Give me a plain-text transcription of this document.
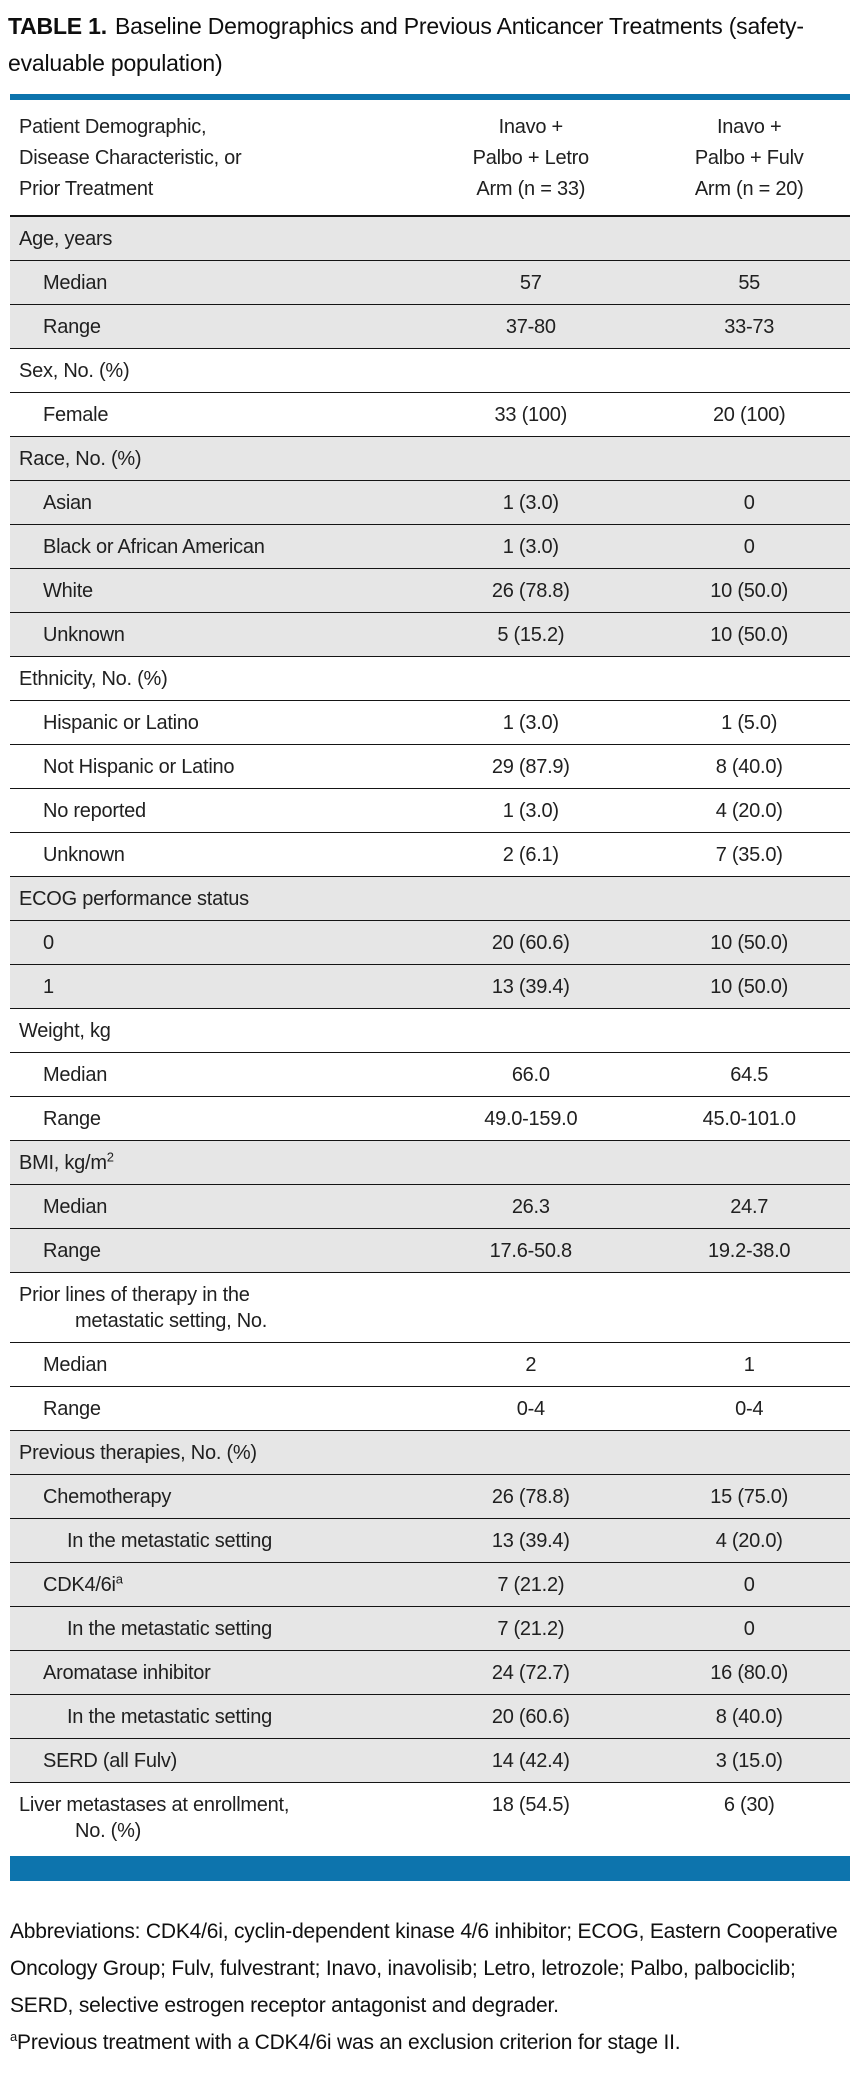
TABLE 1. Baseline Demographics and Previous Anticancer Treatments (safety-evaluable population)

Patient Demographic,
Disease Characteristic, or
Prior Treatment

Inavo +
Palbo + Letro
Arm (n = 33)

Inavo +
Palbo + Fulv
Arm (n = 20)

Age, years		
Median	57	55
Range	37-80	33-73
Sex, No. (%)		
Female	33 (100)	20 (100)
Race, No. (%)		
Asian	1 (3.0)	0
Black or African American	1 (3.0)	0
White	26 (78.8)	10 (50.0)
Unknown	5 (15.2)	10 (50.0)
Ethnicity, No. (%)		
Hispanic or Latino	1 (3.0)	1 (5.0)
Not Hispanic or Latino	29 (87.9)	8 (40.0)
No reported	1 (3.0)	4 (20.0)
Unknown	2 (6.1)	7 (35.0)
ECOG performance status		
0	20 (60.6)	10 (50.0)
1	13 (39.4)	10 (50.0)
Weight, kg		
Median	66.0	64.5
Range	49.0-159.0	45.0-101.0
BMI, $kg/m^2$		
Median	26.3	24.7
Range	17.6-50.8	19.2-38.0
Prior lines of therapy in the
metastatic setting, No.		

Median	2	1
Range	0-4	0-4
Previous therapies, No. (%)		
Chemotherapy	26 (78.8)	15 (75.0)
In the metastatic setting	13 (39.4)	4 (20.0)
$CDK4/6i^a$	7 (21.2)	0
In the metastatic setting	7 (21.2)	0
Aromatase inhibitor	24 (72.7)	16 (80.0)
In the metastatic setting	20 (60.6)	8 (40.0)
SERD (all Fulv)	14 (42.4)	3 (15.0)
Liver metastases at enrollment,
No. (%)	18 (54.5)	6 (30)

Abbreviations: CDK4/6i, cyclin-dependent kinase 4/6 inhibitor; ECOG, Eastern Cooperative Oncology Group; Fulv, fulvestrant; Inavo, inavolisib; Letro, letrozole; Palbo, palbociclib; SERD, selective estrogen receptor antagonist and degrader.

$^a$Previous treatment with a CDK4/6i was an exclusion criterion for stage II.
